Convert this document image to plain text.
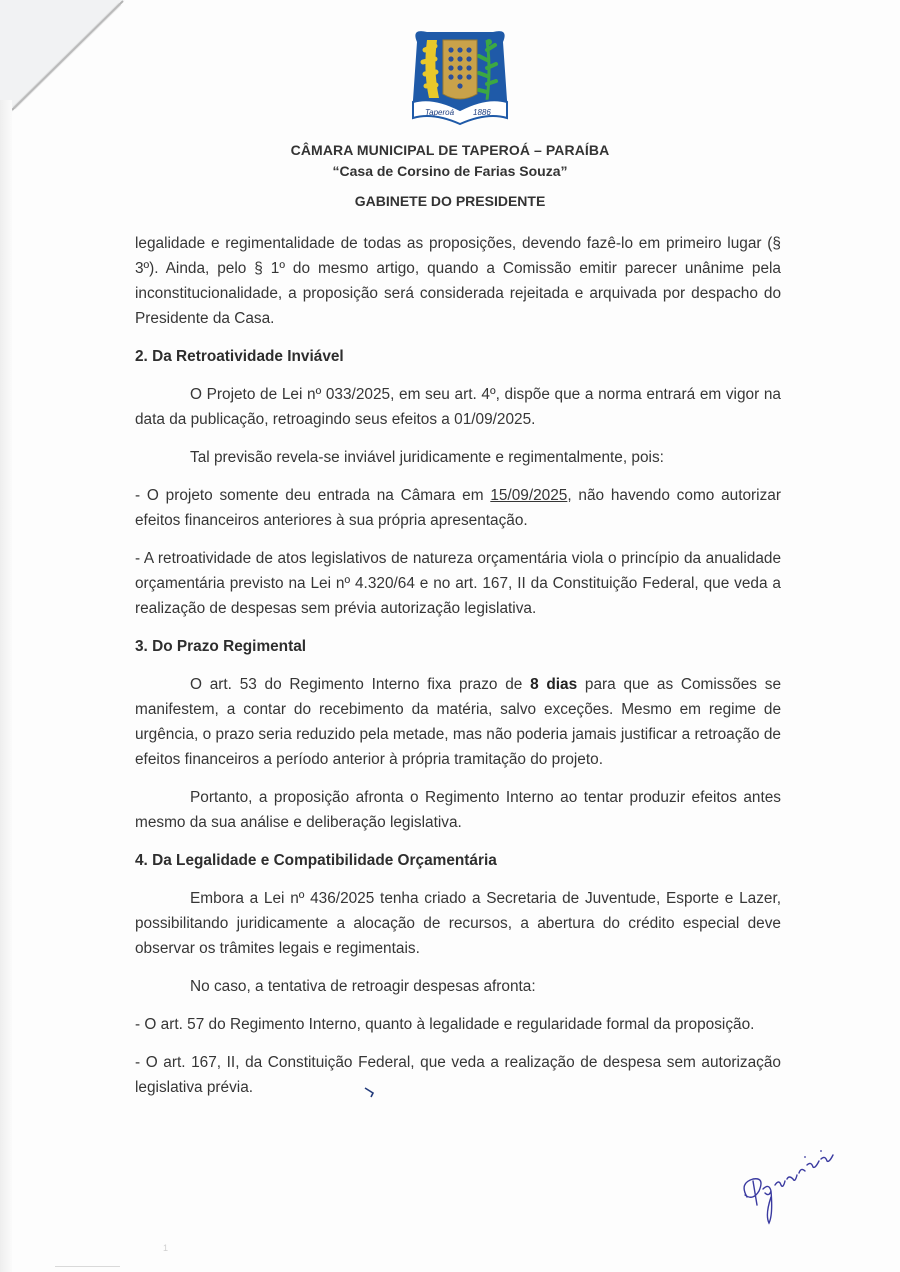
Taperoá 1886
CÂMARA MUNICIPAL DE TAPEROÁ – PARAÍBA
“Casa de Corsino de Farias Souza”
GABINETE DO PRESIDENTE

legalidade e regimentalidade de todas as proposições, devendo fazê-lo em primeiro lugar (§ 3º). Ainda, pelo § 1º do mesmo artigo, quando a Comissão emitir parecer unânime pela inconstitucionalidade, a proposição será considerada rejeitada e arquivada por despacho do Presidente da Casa.

2. Da Retroatividade Inviável

O Projeto de Lei nº 033/2025, em seu art. 4º, dispõe que a norma entrará em vigor na data da publicação, retroagindo seus efeitos a 01/09/2025.

Tal previsão revela-se inviável juridicamente e regimentalmente, pois:

- O projeto somente deu entrada na Câmara em 15/09/2025, não havendo como autorizar efeitos financeiros anteriores à sua própria apresentação.

- A retroatividade de atos legislativos de natureza orçamentária viola o princípio da anualidade orçamentária previsto na Lei nº 4.320/64 e no art. 167, II da Constituição Federal, que veda a realização de despesas sem prévia autorização legislativa.

3. Do Prazo Regimental

O art. 53 do Regimento Interno fixa prazo de 8 dias para que as Comissões se manifestem, a contar do recebimento da matéria, salvo exceções. Mesmo em regime de urgência, o prazo seria reduzido pela metade, mas não poderia jamais justificar a retroação de efeitos financeiros a período anterior à própria tramitação do projeto.

Portanto, a proposição afronta o Regimento Interno ao tentar produzir efeitos antes mesmo da sua análise e deliberação legislativa.

4. Da Legalidade e Compatibilidade Orçamentária

Embora a Lei nº 436/2025 tenha criado a Secretaria de Juventude, Esporte e Lazer, possibilitando juridicamente a alocação de recursos, a abertura do crédito especial deve observar os trâmites legais e regimentais.

No caso, a tentativa de retroagir despesas afronta:

- O art. 57 do Regimento Interno, quanto à legalidade e regularidade formal da proposição.

- O art. 167, II, da Constituição Federal, que veda a realização de despesa sem autorização legislativa prévia.

1
